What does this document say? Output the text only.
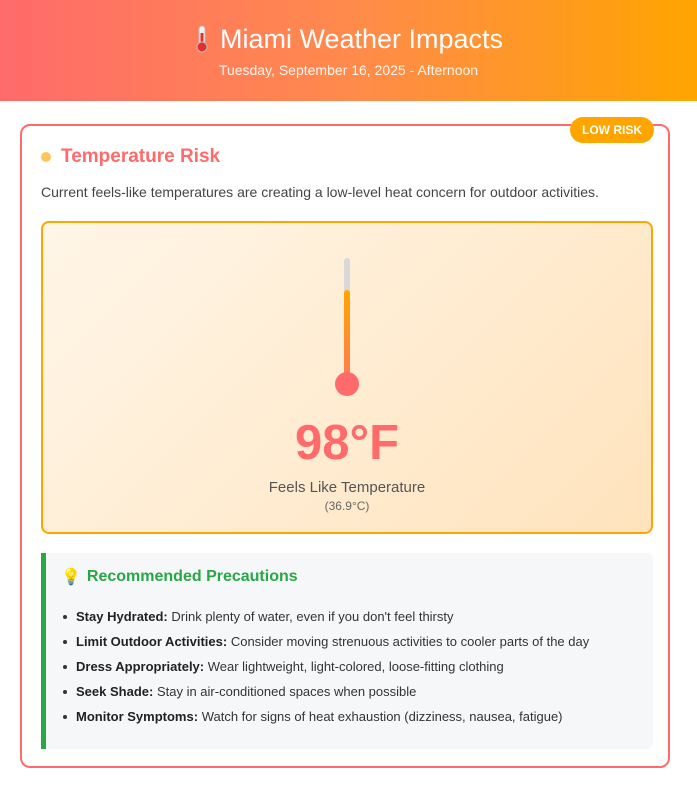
Miami Weather Impacts
Tuesday, September 16, 2025 - Afternoon
LOW RISK
Temperature Risk
Current feels-like temperatures are creating a low-level heat concern for outdoor activities.
98°F
Feels Like Temperature
(36.9°C)
💡 Recommended Precautions
Stay Hydrated: Drink plenty of water, even if you don't feel thirsty
Limit Outdoor Activities: Consider moving strenuous activities to cooler parts of the day
Dress Appropriately: Wear lightweight, light-colored, loose-fitting clothing
Seek Shade: Stay in air-conditioned spaces when possible
Monitor Symptoms: Watch for signs of heat exhaustion (dizziness, nausea, fatigue)
